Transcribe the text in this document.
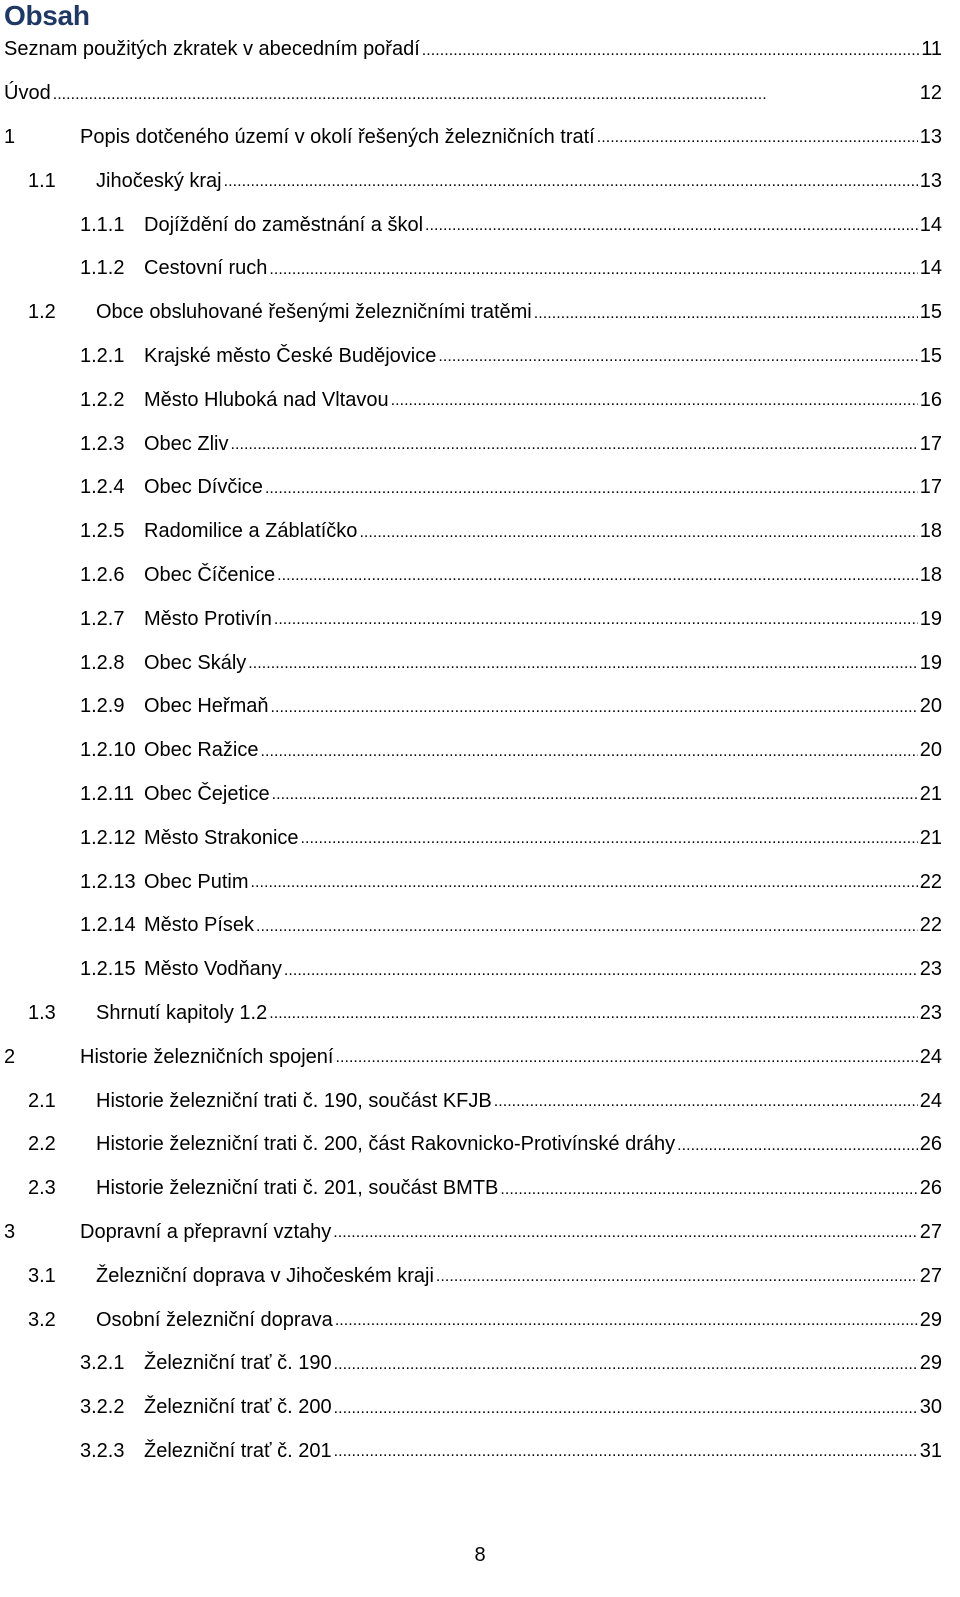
Obsah
Seznam použitých zkratek v abecedním pořadí . . .	11
Úvod . . .	12
1	Popis dotčeného území v okolí řešených železničních tratí . . .	13
1.1	Jihočeský kraj . . .	13
1.1.1 Dojíždění do zaměstnání a škol . . .	14
1.1.2 Cestovní ruch . . .	14
1.2	Obce obsluhované řešenými železničními tratěmi . . .	15
1.2.1 Krajské město České Budějovice . . .	15
1.2.2 Město Hluboká nad Vltavou . . .	16
1.2.3 Obec Zliv . . .	17
1.2.4 Obec Dívčice . . .	17
1.2.5 Radomilice a Záblatíčko . . .	18
1.2.6 Obec Číčenice . . .	18
1.2.7 Město Protivín . . .	19
1.2.8 Obec Skály . . .	19
1.2.9 Obec Heřmaň . . .	20
1.2.10 Obec Ražice . . .	20
1.2.11 Obec Čejetice . . .	21
1.2.12 Město Strakonice . . .	21
1.2.13 Obec Putim . . .	22
1.2.14 Město Písek . . .	22
1.2.15 Město Vodňany . . .	23
1.3	Shrnutí kapitoly 1.2 . . .	23
2	Historie železničních spojení . . .	24
2.1	Historie železniční trati č. 190, součást KFJB . . .	24
2.2	Historie železniční trati č. 200, část Rakovnicko-Protivínské dráhy . . .	26
2.3	Historie železniční trati č. 201, součást BMTB . . .	26
3	Dopravní a přepravní vztahy . . .	27
3.1	Železniční doprava v Jihočeském kraji . . .	27
3.2	Osobní železniční doprava . . .	29
3.2.1 Železniční trať č. 190 . . .	29
3.2.2 Železniční trať č. 200 . . .	30
3.2.3 Železniční trať č. 201 . . .	31
8
